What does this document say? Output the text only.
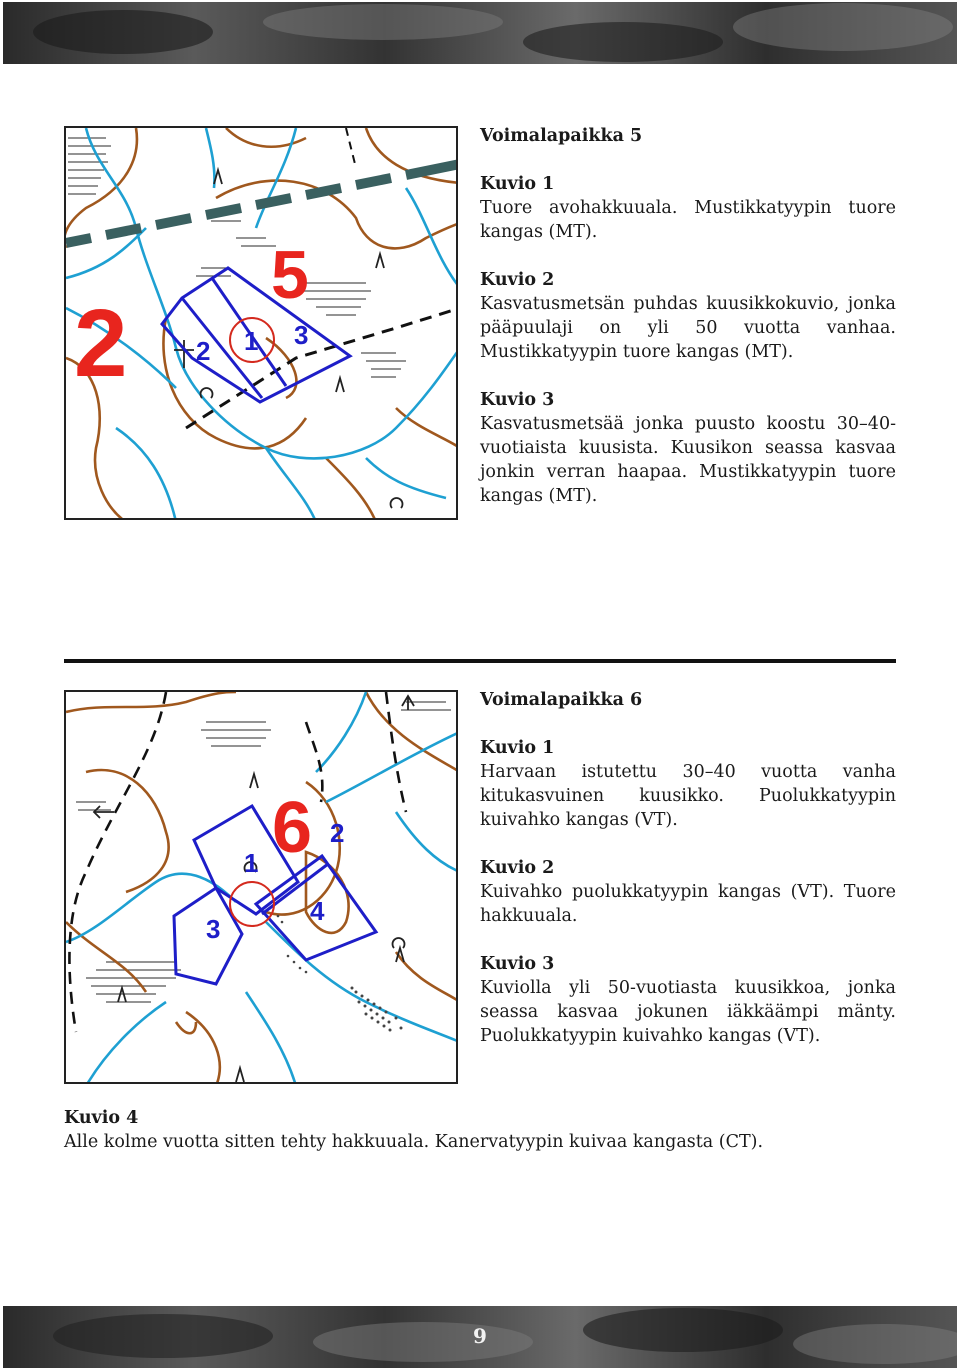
5
2	1
2
3
Voimalapaikka 5

Kuvio 1
Tuore avohakkuuala. Mustikkatyypin tuore kangas (MT).

Kuvio 2
Kasvatusmetsän puhdas kuusikkokuvio, jonka pääpuulaji on yli 50 vuotta vanhaa. Mustikkatyypin tuore kangas (MT).

Kuvio 3
Kasvatusmetsää jonka puusto koostu 30–40-vuotiaista kuusista. Kuusikon seassa kasvaa jonkin verran haapaa. Mustikkatyypin tuore kangas (MT).

6
1
2
3
4
Voimalapaikka 6

Kuvio 1
Harvaan istutettu 30–40 vuotta vanha kitukasvuinen kuusikko. Puolukkatyypin kuivahko kangas (VT).

Kuvio 2
Kuivahko puolukkatyypin kangas (VT). Tuore hakkuuala.

Kuvio 3
Kuviolla yli 50-vuotiasta kuusikkoa, jonka seassa kasvaa jokunen iäkkäämpi mänty. Puolukkatyypin kuivahko kangas (VT).

Kuvio 4
Alle kolme vuotta sitten tehty hakkuuala. Kanervatyypin kuivaa kangasta (CT).
9
